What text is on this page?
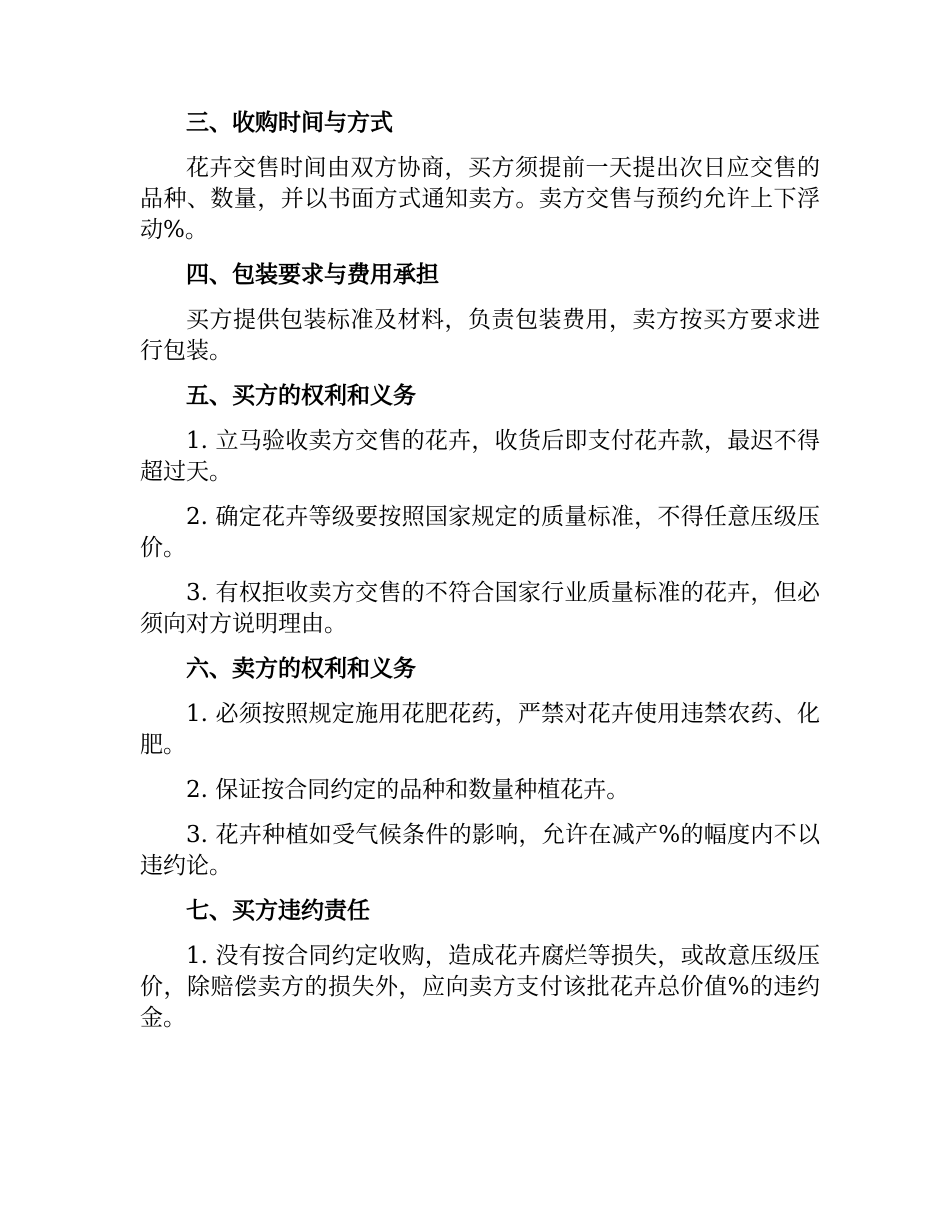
三、收购时间与方式

花卉交售时间由双方协商，买方须提前一天提出次日应交售的品种、数量，并以书面方式通知卖方。卖方交售与预约允许上下浮动%。

四、包装要求与费用承担

买方提供包装标准及材料，负责包装费用，卖方按买方要求进行包装。

五、买方的权利和义务

1. 立马验收卖方交售的花卉，收货后即支付花卉款，最迟不得超过天。

2. 确定花卉等级要按照国家规定的质量标准，不得任意压级压价。

3. 有权拒收卖方交售的不符合国家行业质量标准的花卉，但必须向对方说明理由。

六、卖方的权利和义务

1. 必须按照规定施用花肥花药，严禁对花卉使用违禁农药、化肥。

2. 保证按合同约定的品种和数量种植花卉。

3. 花卉种植如受气候条件的影响，允许在减产%的幅度内不以违约论。

七、买方违约责任

1. 没有按合同约定收购，造成花卉腐烂等损失，或故意压级压价，除赔偿卖方的损失外，应向卖方支付该批花卉总价值%的违约金。
